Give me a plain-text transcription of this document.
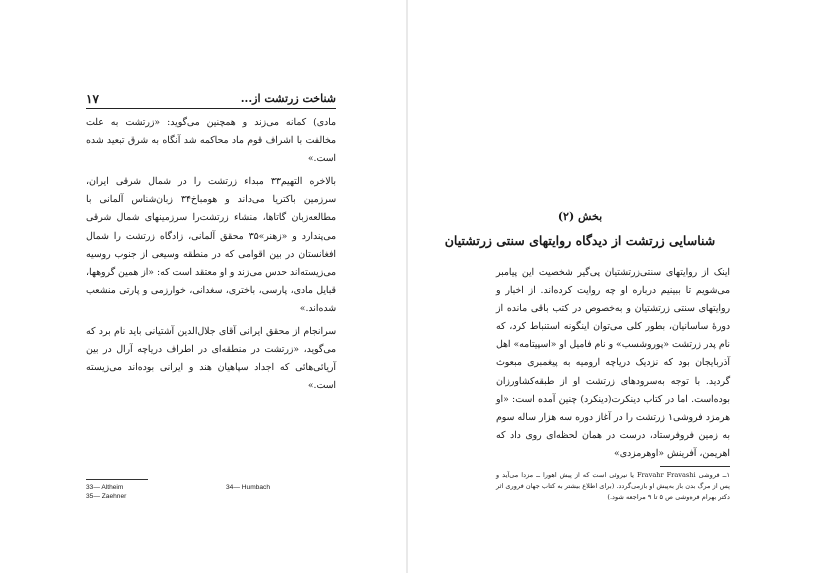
۱۷	شناخت زرتشت از...

مادی) کمانه می‌زند و همچنین می‌گوید: «زرتشت به علت مخالفت با اشراف قوم ماد محاکمه شد آنگاه به شرق تبعید شده است.»

بالاخره التهیم۳۳ مبداء زرتشت را در شمال شرقی ایران، سرزمین باکتریا می‌داند و هومباخ۳۴ زبان‌شناس آلمانی با مطالعه‌زبان گاتاها، منشاء زرتشت‌را سرزمینهای شمال شرقی می‌پندارد و «زهنر»۳۵ محقق آلمانی، زادگاه زرتشت را شمال افغانستان در بین اقوامی که در منطقه وسیعی از جنوب روسیه می‌زیسته‌اند حدس می‌زند و او معتقد است که: «از همین گروهها، قبایل مادی، پارسی، باختری، سغدانی، خوارزمی و پارتی منشعب شده‌اند.»

سرانجام از محقق ایرانی آقای جلال‌الدین آشتیانی باید نام برد که می‌گوید، «زرتشت در منطقه‌ای در اطراف دریاچه آرال در بین آریائی‌هائی که اجداد سپاهیان هند و ایرانی بوده‌اند می‌زیسته است.»

33— Altheim	34— Humbach
35— Zaehner
بخش (۲)
شناسایی زرتشت از دیدگاه روایتهای سنتی زرتشتیان

اینک از روایتهای سنتی‌زرتشتیان پی‌گیر شخصیت این پیامبر می‌شویم تا ببینیم درباره او چه روایت کرده‌اند. از اخبار و روایتهای سنتی زرتشتیان و به‌خصوص در کتب باقی مانده از دورهٔ ساسانیان، بطور کلی می‌توان اینگونه استنباط کرد، که نام پدر زرتشت «پوروشسب» و نام فامیل او «اسپیتامه» اهل آذربایجان بود که نزدیک دریاچه ارومیه به پیغمبری مبعوث گردید. با توجه به‌سرودهای زرتشت او از طبقه‌کشاورزان بوده‌است. اما در کتاب دینکرت(دینکرد) چنین آمده است: «او هرمزد فروشی۱ زرتشت را در آغاز دوره سه هزار ساله سوم به زمین فروفرستاد، درست در همان لحظه‌ای روی داد که اهریمن، آفرینش «اوهرمزدی»

۱ــ فروشی Fravahr Fravashi یا نیروئی است که از پیش اهورا ــ مزدا می‌آید و پس از مرگ بدن باز به‌پیش او بازمی‌گردد. (برای اطلاع بیشتر به کتاب جهان فروری اثر دکتر بهرام فره‌وشی ص ۵ تا ۹ مراجعه شود.)
